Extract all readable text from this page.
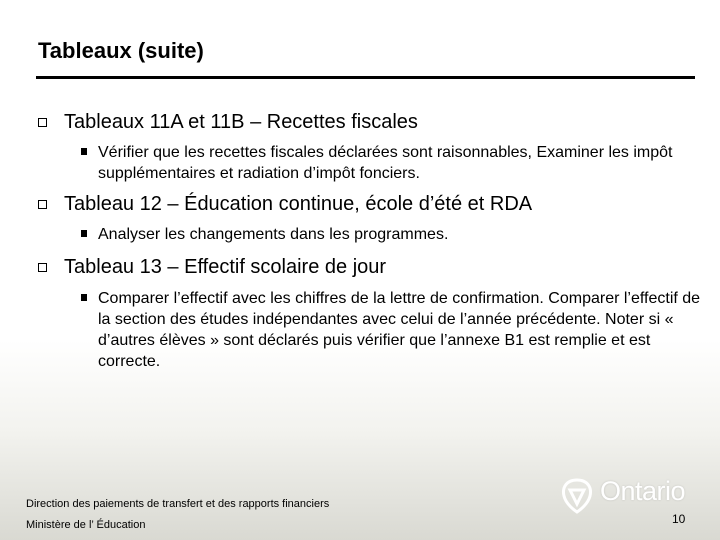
Tableaux (suite)
Tableaux 11A et 11B – Recettes fiscales
Vérifier que les recettes fiscales déclarées sont raisonnables, Examiner les impôt supplémentaires et radiation d’impôt fonciers.
Tableau 12 – Éducation continue, école d’été et RDA
Analyser les changements dans les programmes.
Tableau 13 – Effectif scolaire de jour
Comparer l’effectif avec les chiffres de la lettre de confirmation. Comparer l’effectif de la section des études indépendantes avec celui de l’année précédente. Noter si « d’autres élèves » sont déclarés puis vérifier que l’annexe B1 est remplie et est correcte.
Direction des paiements de transfert et des rapports financiers
Ministère de l’ Éducation
Ontario
10
